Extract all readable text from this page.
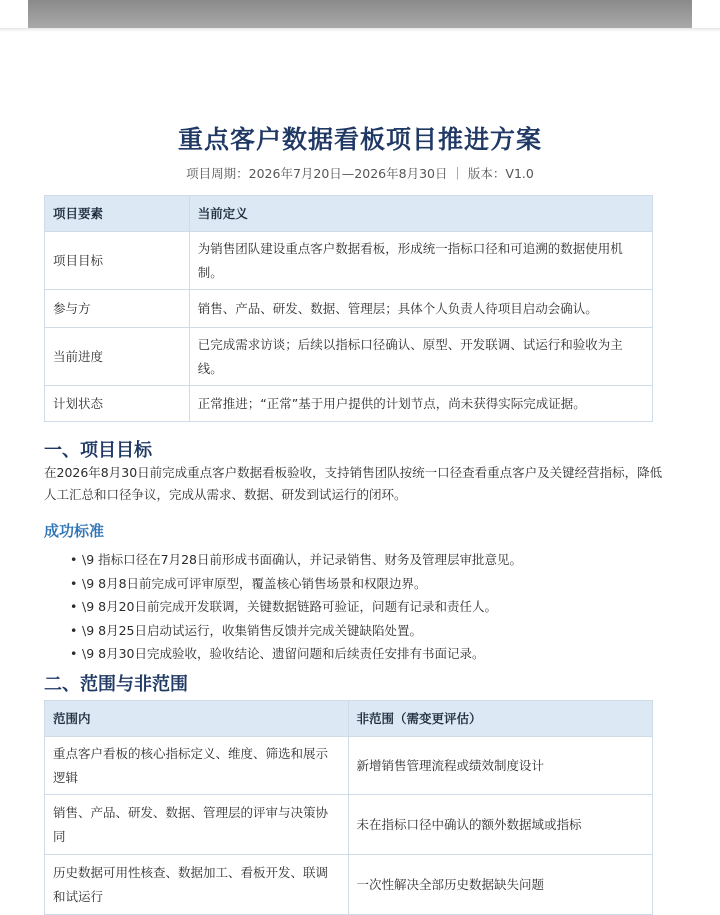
重点客户数据看板项目推进方案
项目周期：2026年7月20日—2026年8月30日 ｜ 版本：V1.0
项目要素	当前定义
项目目标	为销售团队建设重点客户数据看板，形成统一指标口径和可追溯的数据使用机制。
参与方	销售、产品、研发、数据、管理层；具体个人负责人待项目启动会确认。
当前进度	已完成需求访谈；后续以指标口径确认、原型、开发联调、试运行和验收为主线。
计划状态	正常推进；“正常”基于用户提供的计划节点，尚未获得实际完成证据。
一、项目目标
在2026年8月30日前完成重点客户数据看板验收，支持销售团队按统一口径查看重点客户及关键经营指标，降低人工汇总和口径争议，完成从需求、数据、研发到试运行的闭环。
成功标准
• \9 指标口径在7月28日前形成书面确认，并记录销售、财务及管理层审批意见。
• \9 8月8日前完成可评审原型，覆盖核心销售场景和权限边界。
• \9 8月20日前完成开发联调，关键数据链路可验证，问题有记录和责任人。
• \9 8月25日启动试运行，收集销售反馈并完成关键缺陷处置。
• \9 8月30日完成验收，验收结论、遗留问题和后续责任安排有书面记录。
二、范围与非范围
范围内	非范围（需变更评估）
重点客户看板的核心指标定义、维度、筛选和展示逻辑	新增销售管理流程或绩效制度设计
销售、产品、研发、数据、管理层的评审与决策协同	未在指标口径中确认的额外数据域或指标
历史数据可用性核查、数据加工、看板开发、联调和试运行	一次性解决全部历史数据缺失问题
